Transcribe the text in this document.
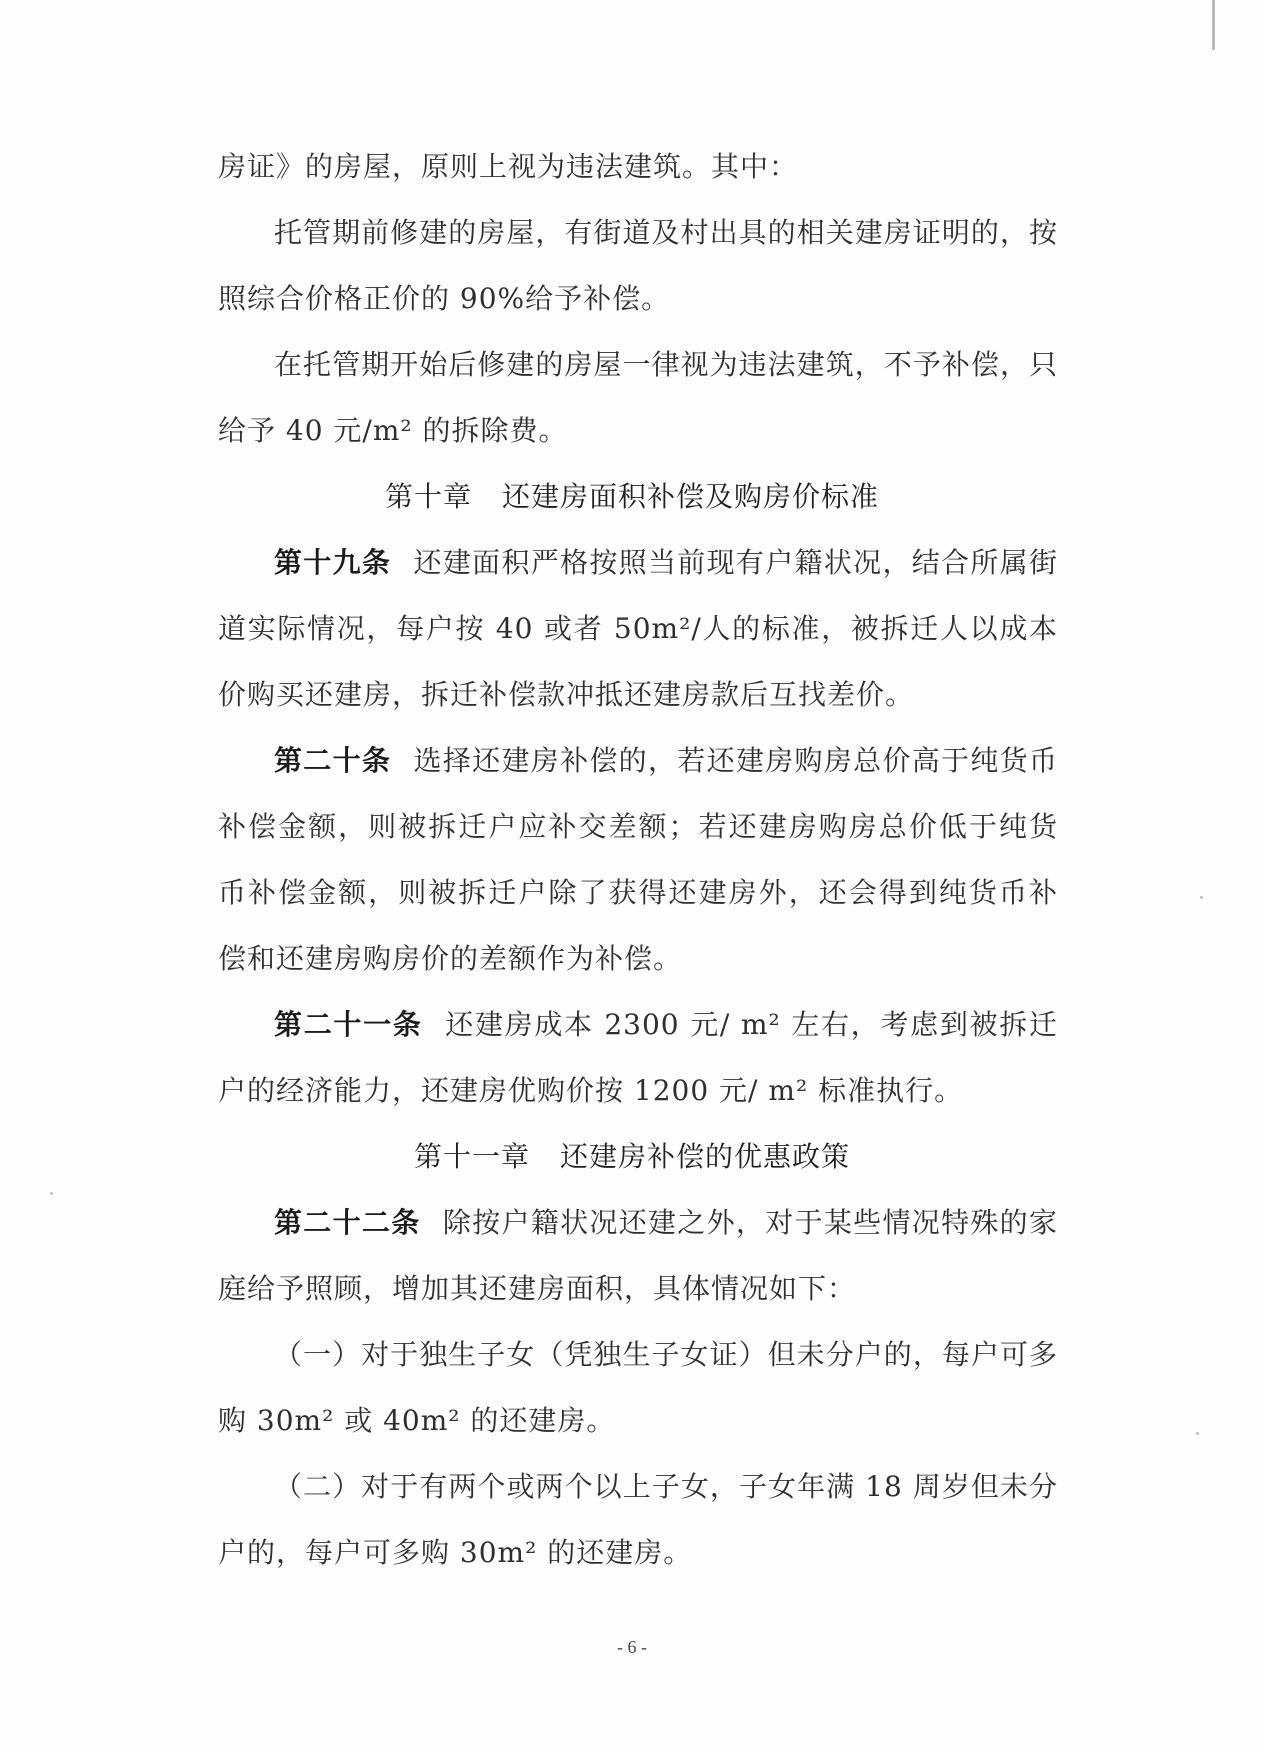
房证》的房屋，原则上视为违法建筑。其中：

托管期前修建的房屋，有街道及村出具的相关建房证明的，按照综合价格正价的 90%给予补偿。

在托管期开始后修建的房屋一律视为违法建筑，不予补偿，只给予 40 元/m² 的拆除费。

第十章 还建房面积补偿及购房价标准

第十九条 还建面积严格按照当前现有户籍状况，结合所属街道实际情况，每户按 40 或者 50m²/人的标准，被拆迁人以成本价购买还建房，拆迁补偿款冲抵还建房款后互找差价。

第二十条 选择还建房补偿的，若还建房购房总价高于纯货币补偿金额，则被拆迁户应补交差额；若还建房购房总价低于纯货币补偿金额，则被拆迁户除了获得还建房外，还会得到纯货币补偿和还建房购房价的差额作为补偿。

第二十一条 还建房成本 2300 元/ m² 左右，考虑到被拆迁户的经济能力，还建房优购价按 1200 元/ m² 标准执行。

第十一章 还建房补偿的优惠政策

第二十二条 除按户籍状况还建之外，对于某些情况特殊的家庭给予照顾，增加其还建房面积，具体情况如下：

（一）对于独生子女（凭独生子女证）但未分户的，每户可多购 30m² 或 40m² 的还建房。

（二）对于有两个或两个以上子女，子女年满 18 周岁但未分户的，每户可多购 30m² 的还建房。

- 6 -
